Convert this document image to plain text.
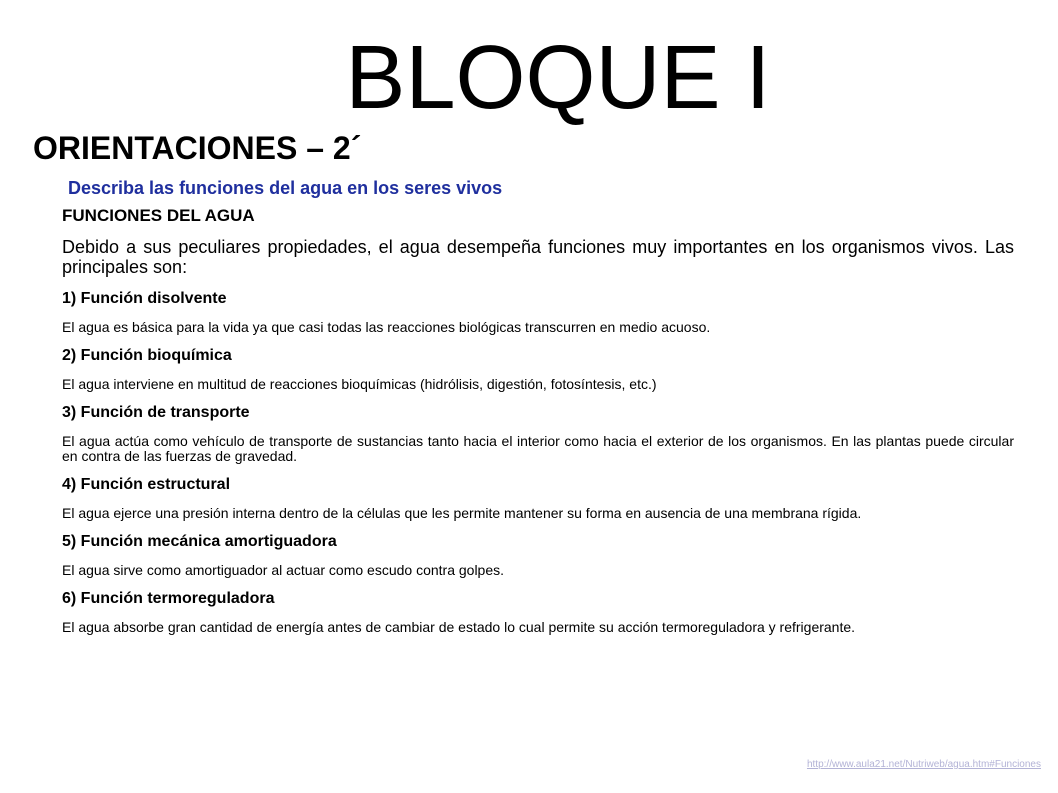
BLOQUE I
ORIENTACIONES – 2´

Describa las funciones del agua en los seres vivos

FUNCIONES DEL AGUA

Debido a sus peculiares propiedades, el agua desempeña funciones muy importantes en los organismos vivos. Las principales son:

1) Función disolvente

El agua es básica para la vida ya que casi todas las reacciones biológicas transcurren en medio acuoso.

2) Función bioquímica

El agua interviene en multitud de reacciones bioquímicas (hidrólisis, digestión, fotosíntesis, etc.)

3) Función de transporte

El agua actúa como vehículo de transporte de sustancias tanto hacia el interior como hacia el exterior de los organismos. En las plantas puede circular en contra de las fuerzas de gravedad.

4) Función estructural

El agua ejerce una presión interna dentro de la células que les permite mantener su forma en ausencia de una membrana rígida.

5) Función mecánica amortiguadora

El agua sirve como amortiguador al actuar como escudo contra golpes.

6) Función termoreguladora

El agua absorbe gran cantidad de energía antes de cambiar de estado lo cual permite su acción termoreguladora y refrigerante.

http://www.aula21.net/Nutriweb/agua.htm#Funciones
